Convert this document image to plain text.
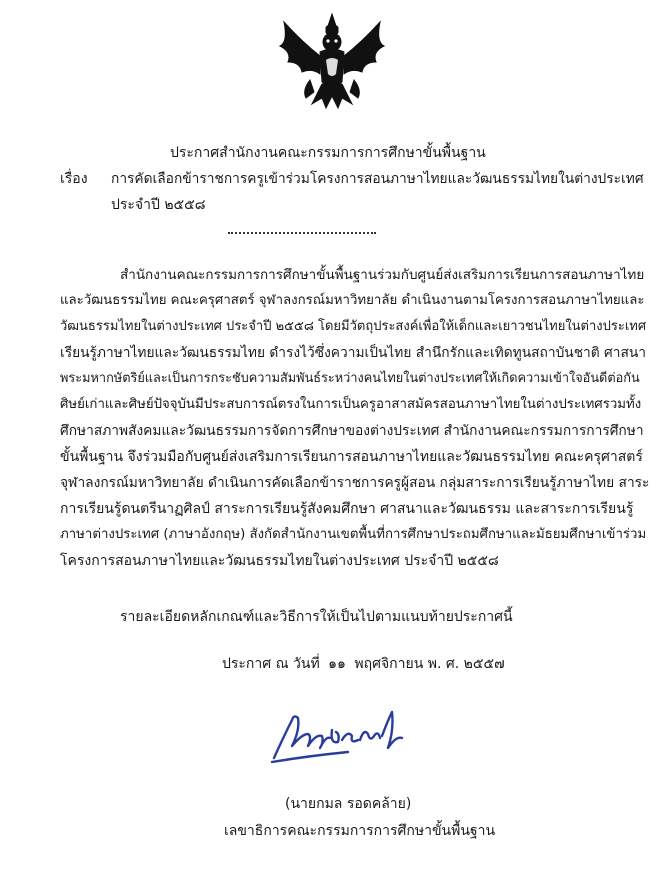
ประกาศสำนักงานคณะกรรมการการศึกษาขั้นพื้นฐาน
เรื่อง การคัดเลือกข้าราชการครูเข้าร่วมโครงการสอนภาษาไทยและวัฒนธรรมไทยในต่างประเทศ
ประจำปี ๒๕๕๘
สำนักงานคณะกรรมการการศึกษาขั้นพื้นฐานร่วมกับศูนย์ส่งเสริมการเรียนการสอนภาษาไทย
และวัฒนธรรมไทย คณะครุศาสตร์ จุฬาลงกรณ์มหาวิทยาลัย ดำเนินงานตามโครงการสอนภาษาไทยและ
วัฒนธรรมไทยในต่างประเทศ ประจำปี ๒๕๕๘ โดยมีวัตถุประสงค์เพื่อให้เด็กและเยาวชนไทยในต่างประเทศ
เรียนรู้ภาษาไทยและวัฒนธรรมไทย ดำรงไว้ซึ่งความเป็นไทย สำนึกรักและเทิดทูนสถาบันชาติ ศาสนา
พระมหากษัตริย์และเป็นการกระชับความสัมพันธ์ระหว่างคนไทยในต่างประเทศให้เกิดความเข้าใจอันดีต่อกัน
ศิษย์เก่าและศิษย์ปัจจุบันมีประสบการณ์ตรงในการเป็นครูอาสาสมัครสอนภาษาไทยในต่างประเทศรวมทั้ง
ศึกษาสภาพสังคมและวัฒนธรรมการจัดการศึกษาของต่างประเทศ สำนักงานคณะกรรมการการศึกษา
ขั้นพื้นฐาน จึงร่วมมือกับศูนย์ส่งเสริมการเรียนการสอนภาษาไทยและวัฒนธรรมไทย คณะครุศาสตร์
จุฬาลงกรณ์มหาวิทยาลัย ดำเนินการคัดเลือกข้าราชการครูผู้สอน กลุ่มสาระการเรียนรู้ภาษาไทย สาระ
การเรียนรู้ดนตรีนาฏศิลป์ สาระการเรียนรู้สังคมศึกษา ศาสนาและวัฒนธรรม และสาระการเรียนรู้
ภาษาต่างประเทศ (ภาษาอังกฤษ) สังกัดสำนักงานเขตพื้นที่การศึกษาประถมศึกษาและมัธยมศึกษาเข้าร่วม
โครงการสอนภาษาไทยและวัฒนธรรมไทยในต่างประเทศ ประจำปี ๒๕๕๘
รายละเอียดหลักเกณฑ์และวิธีการให้เป็นไปตามแนบท้ายประกาศนี้
ประกาศ ณ วันที่ ๑๑ พฤศจิกายน พ. ศ. ๒๕๕๗
(นายกมล รอดคล้าย)
เลขาธิการคณะกรรมการการศึกษาขั้นพื้นฐาน
